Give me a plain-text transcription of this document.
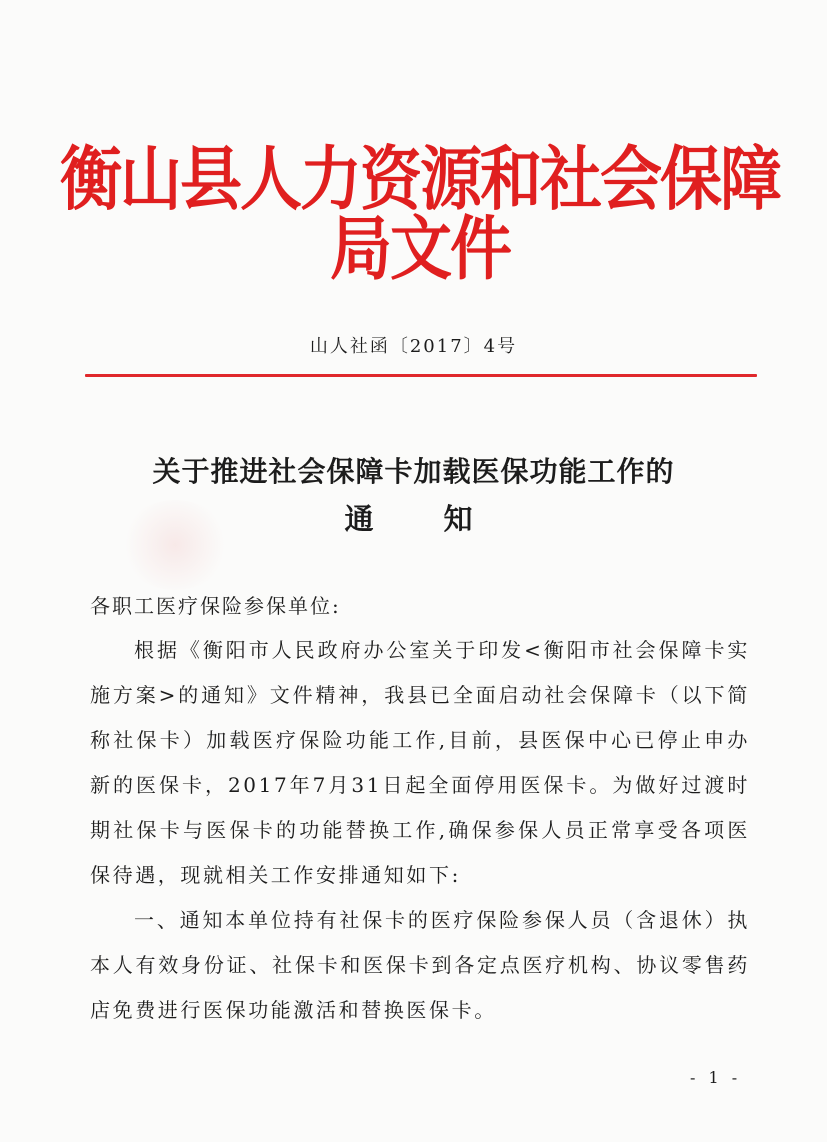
衡山县人力资源和社会保障局文件
山人社函〔2017〕4号
关于推进社会保障卡加载医保功能工作的
通知
各职工医疗保险参保单位:
根据《衡阳市人民政府办公室关于印发<衡阳市社会保障卡实施方案>的通知》文件精神，我县已全面启动社会保障卡（以下简称社保卡）加载医疗保险功能工作,目前，县医保中心已停止申办新的医保卡，2017年7月31日起全面停用医保卡。为做好过渡时期社保卡与医保卡的功能替换工作,确保参保人员正常享受各项医保待遇，现就相关工作安排通知如下:
一、通知本单位持有社保卡的医疗保险参保人员（含退休）执本人有效身份证、社保卡和医保卡到各定点医疗机构、协议零售药店免费进行医保功能激活和替换医保卡。
- 1 -
